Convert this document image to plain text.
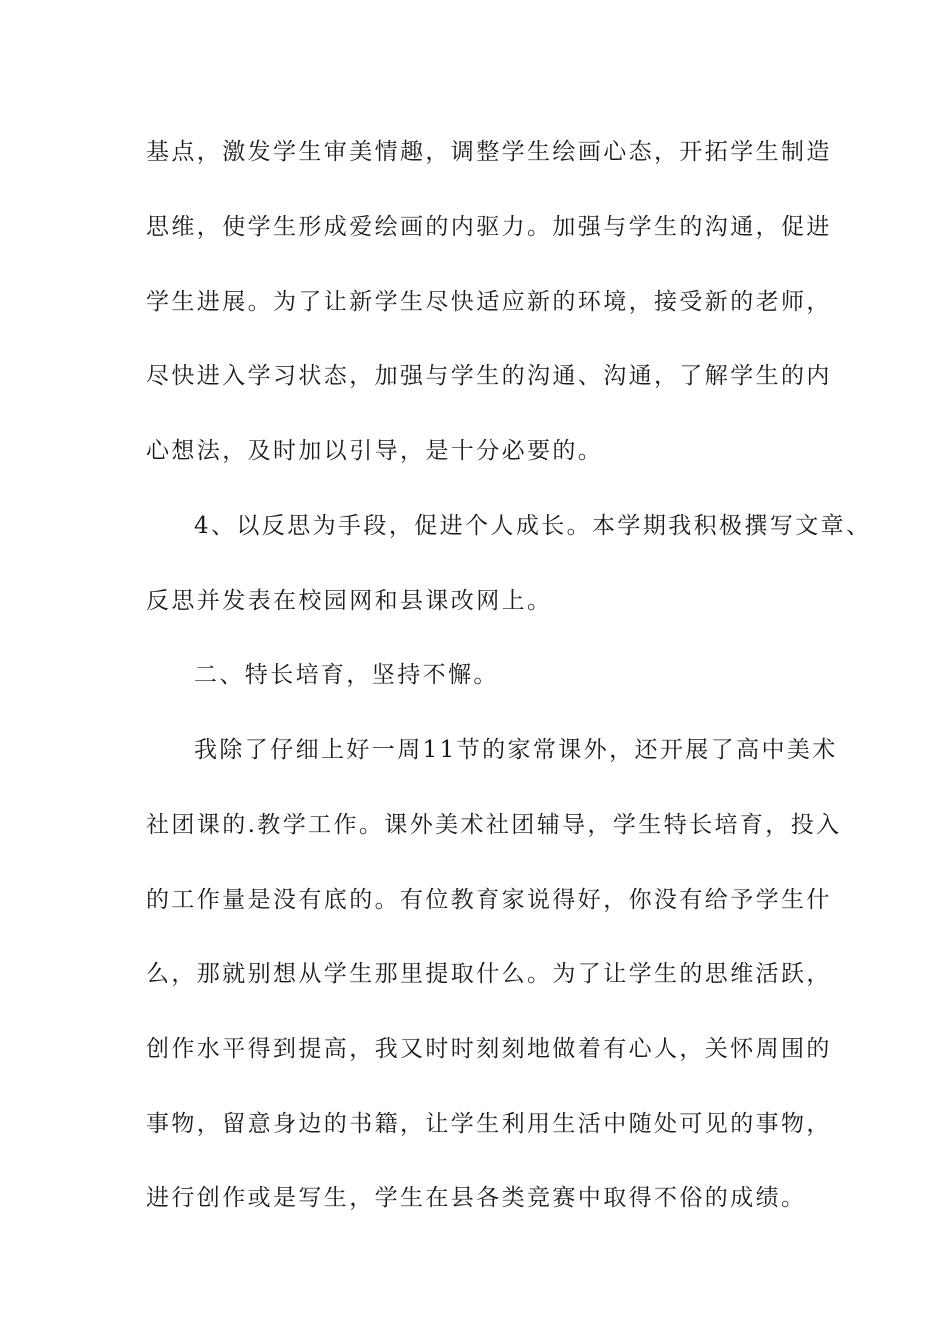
基点，激发学生审美情趣，调整学生绘画心态，开拓学生制造
思维，使学生形成爱绘画的内驱力。加强与学生的沟通，促进
学生进展。为了让新学生尽快适应新的环境，接受新的老师，
尽快进入学习状态，加强与学生的沟通、沟通，了解学生的内
心想法，及时加以引导，是十分必要的。
4、以反思为手段，促进个人成长。本学期我积极撰写文章、
反思并发表在校园网和县课改网上。
二、特长培育，坚持不懈。
我除了仔细上好一周11节的家常课外，还开展了高中美术
社团课的.教学工作。课外美术社团辅导，学生特长培育，投入
的工作量是没有底的。有位教育家说得好，你没有给予学生什
么，那就别想从学生那里提取什么。为了让学生的思维活跃，
创作水平得到提高，我又时时刻刻地做着有心人，关怀周围的
事物，留意身边的书籍，让学生利用生活中随处可见的事物，
进行创作或是写生，学生在县各类竞赛中取得不俗的成绩。
